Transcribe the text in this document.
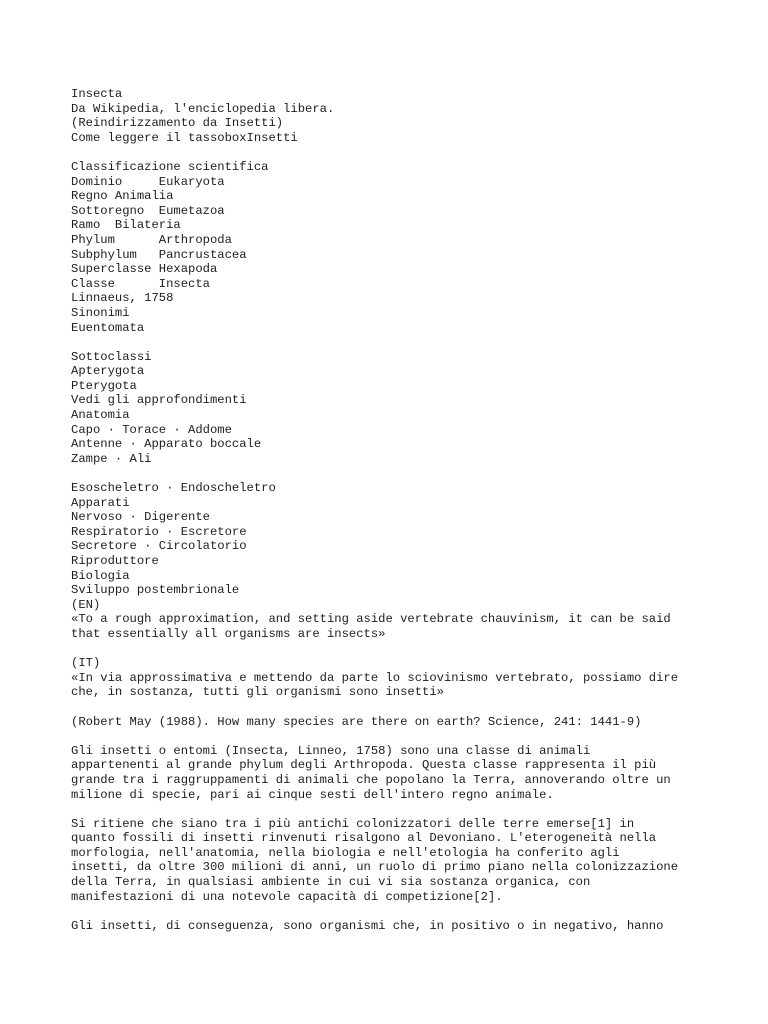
Insecta
Da Wikipedia, l'enciclopedia libera.
(Reindirizzamento da Insetti)
Come leggere il tassoboxInsetti
Classificazione scientifica
Dominio     Eukaryota
Regno Animalia
Sottoregno  Eumetazoa
Ramo  Bilateria
Phylum      Arthropoda
Subphylum   Pancrustacea
Superclasse Hexapoda
Classe      Insecta
Linnaeus, 1758
Sinonimi
Euentomata
Sottoclassi
Apterygota
Pterygota
Vedi gli approfondimenti
Anatomia
Capo · Torace · Addome
Antenne · Apparato boccale
Zampe · Ali
Esoscheletro · Endoscheletro
Apparati
Nervoso · Digerente
Respiratorio · Escretore
Secretore · Circolatorio
Riproduttore
Biologia
Sviluppo postembrionale
(EN)
«To a rough approximation, and setting aside vertebrate chauvinism, it can be said
that essentially all organisms are insects»
(IT)
«In via approssimativa e mettendo da parte lo sciovinismo vertebrato, possiamo dire
che, in sostanza, tutti gli organismi sono insetti»
(Robert May (1988). How many species are there on earth? Science, 241: 1441-9)
Gli insetti o entomi (Insecta, Linneo, 1758) sono una classe di animali
appartenenti al grande phylum degli Arthropoda. Questa classe rappresenta il più
grande tra i raggruppamenti di animali che popolano la Terra, annoverando oltre un
milione di specie, pari ai cinque sesti dell'intero regno animale.
Si ritiene che siano tra i più antichi colonizzatori delle terre emerse[1] in
quanto fossili di insetti rinvenuti risalgono al Devoniano. L'eterogeneità nella
morfologia, nell'anatomia, nella biologia e nell'etologia ha conferito agli
insetti, da oltre 300 milioni di anni, un ruolo di primo piano nella colonizzazione
della Terra, in qualsiasi ambiente in cui vi sia sostanza organica, con
manifestazioni di una notevole capacità di competizione[2].
Gli insetti, di conseguenza, sono organismi che, in positivo o in negativo, hanno
